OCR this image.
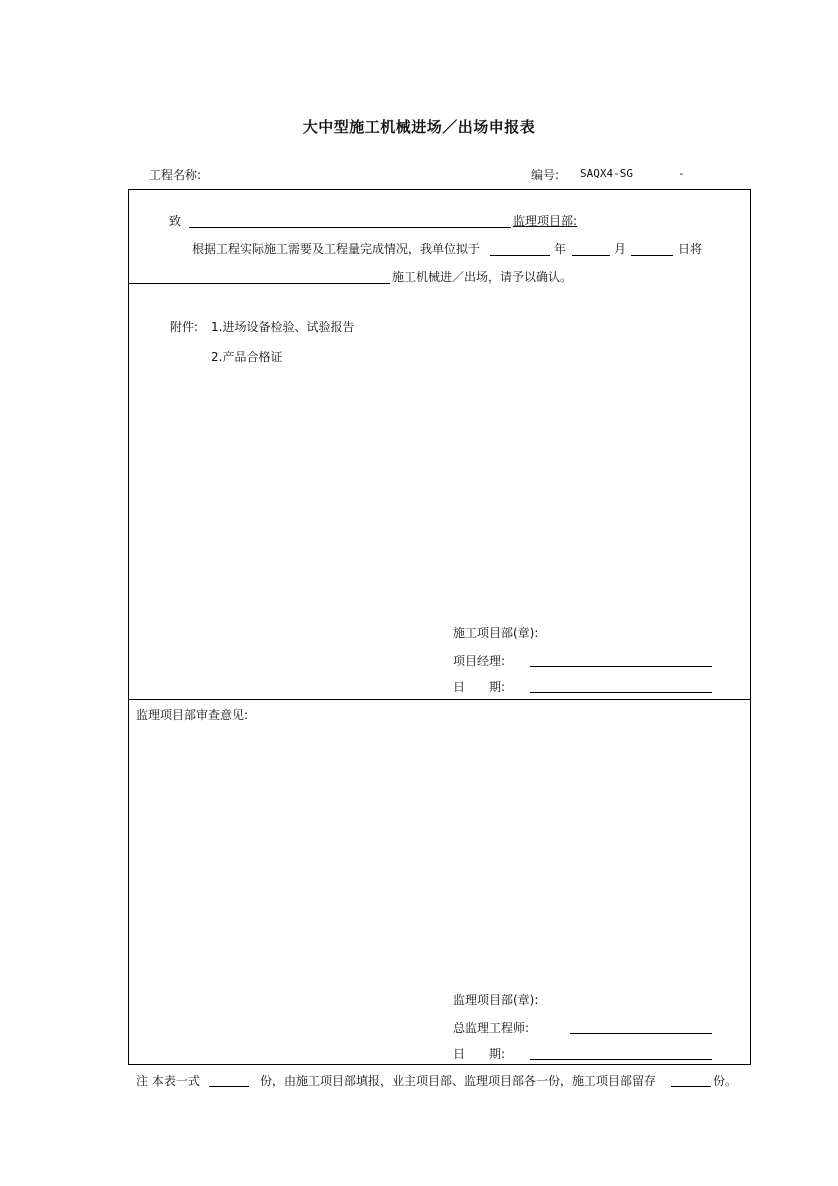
大中型施工机械进场／出场申报表
工程名称:	编号: SAQX4-SG	-
致	监理项目部:
根据工程实际施工需要及工程量完成情况，我单位拟于	年	月	日将
施工机械进／出场，请予以确认。
附件: 1.进场设备检验、试验报告
2.产品合格证
施工项目部(章):
项目经理:
日　　期:
监理项目部审查意见:
监理项目部(章):
总监理工程师:
日　　期:
注 本表一式	份，由施工项目部填报，业主项目部、监理项目部各一份，施工项目部留存	份。
